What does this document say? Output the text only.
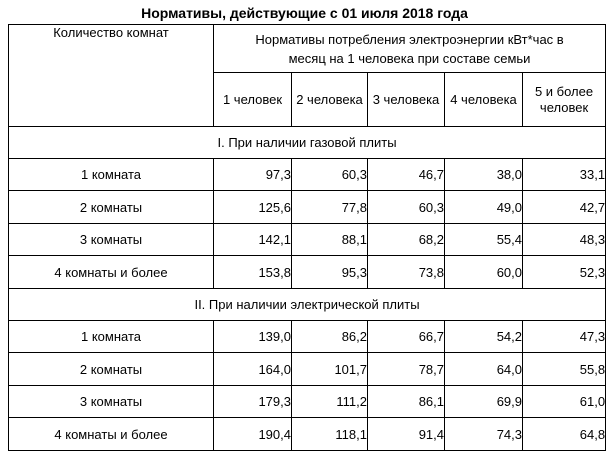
Нормативы, действующие с 01 июля 2018 года
Количество комнат	Нормативы потребления электроэнергии кВт*час в
месяц на 1 человека при составе семьи				

	1 человек	2 человека	3 человека	4 человека	5 и более человек
I. При наличии газовой плиты					
1 комната	97,3	60,3	46,7	38,0	33,1
2 комнаты	125,6	77,8	60,3	49,0	42,7
3 комнаты	142,1	88,1	68,2	55,4	48,3
4 комнаты и более	153,8	95,3	73,8	60,0	52,3
II. При наличии электрической плиты					
1 комната	139,0	86,2	66,7	54,2	47,3
2 комнаты	164,0	101,7	78,7	64,0	55,8
3 комнаты	179,3	111,2	86,1	69,9	61,0
4 комнаты и более	190,4	118,1	91,4	74,3	64,8
